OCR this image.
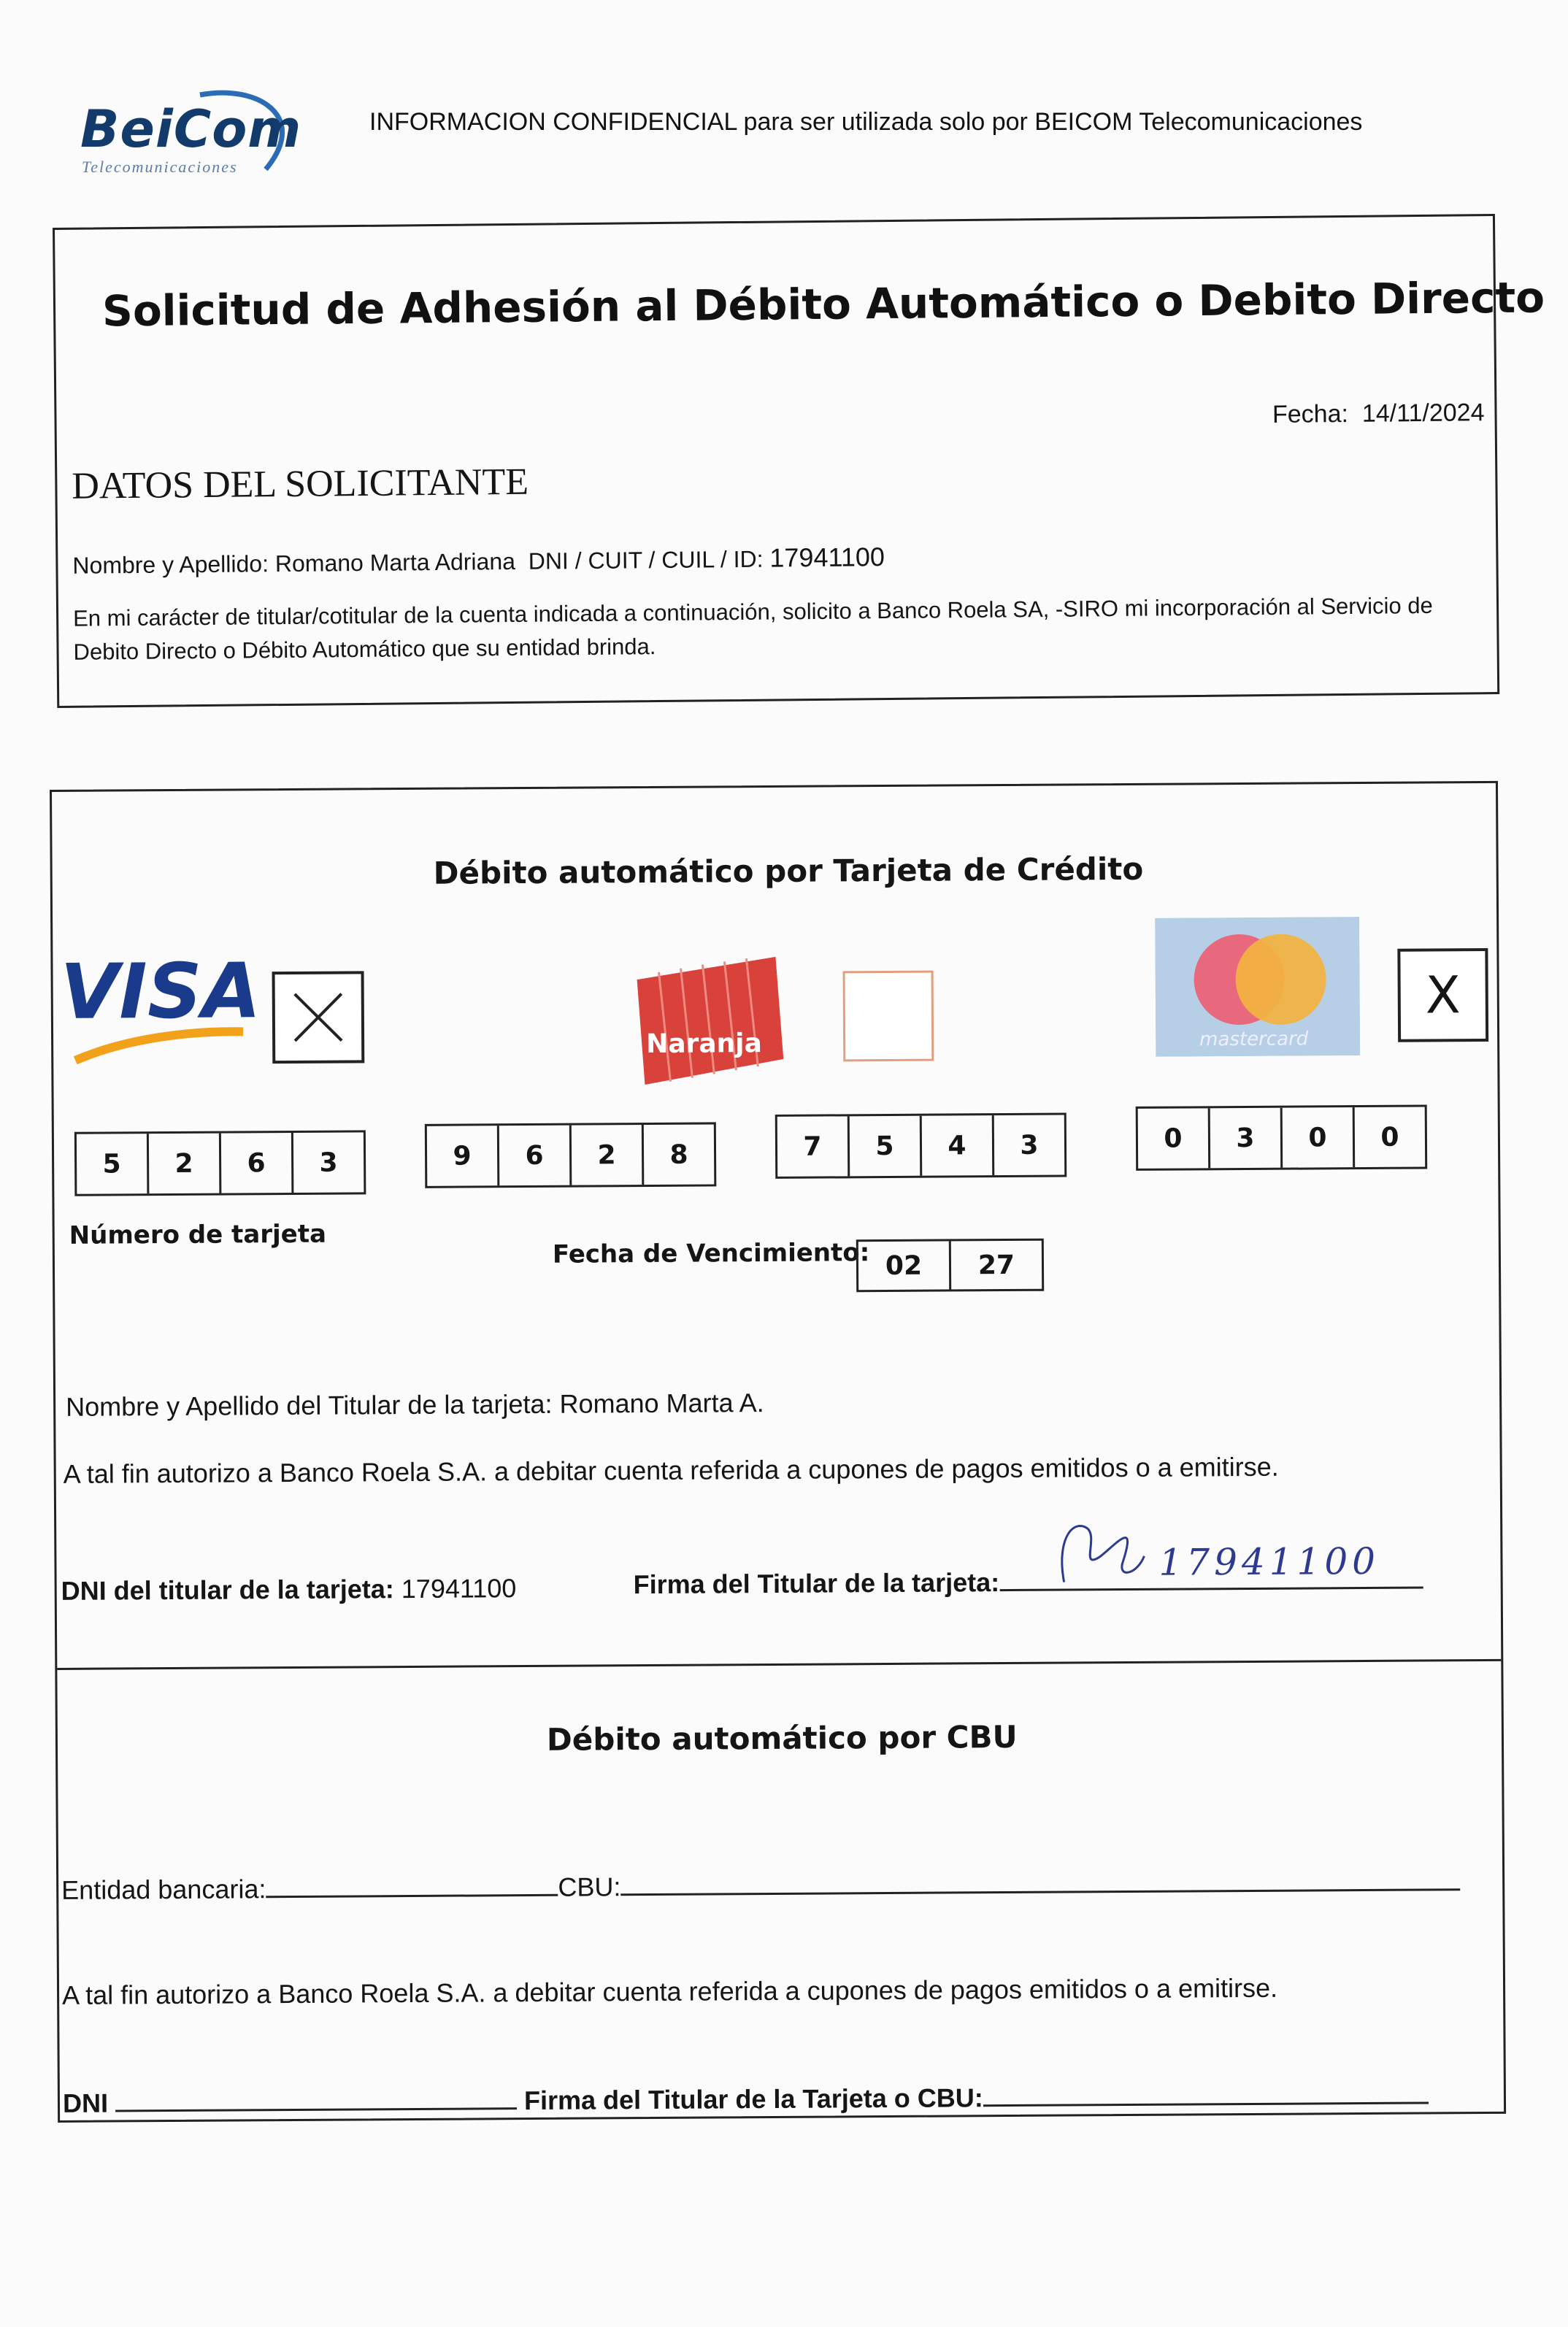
BeiCom
Telecomunicaciones
INFORMACION CONFIDENCIAL para ser utilizada solo por BEICOM Telecomunicaciones
Solicitud de Adhesión al Débito Automático o Debito Directo
Fecha: 14/11/2024
DATOS DEL SOLICITANTE
Nombre y Apellido: Romano Marta Adriana DNI / CUIT / CUIL / ID: 17941100
En mi carácter de titular/cotitular de la cuenta indicada a continuación, solicito a Banco Roela SA, -SIRO mi incorporación al Servicio de Debito Directo o Débito Automático que su entidad brinda.
Débito automático por Tarjeta de Crédito
VISA
Naranja	mastercard
X
5	2	6	3	9	6	2	8	7	5	4	3	0	3	0	0
Número de tarjeta
Fecha de Vencimiento: 02	27
Nombre y Apellido del Titular de la tarjeta: Romano Marta A.
A tal fin autorizo a Banco Roela S.A. a debitar cuenta referida a cupones de pagos emitidos o a emitirse.
DNI del titular de la tarjeta: 17941100	Firma del Titular de la tarjeta:	17941100
Débito automático por CBU
Entidad bancaria:	CBU:
A tal fin autorizo a Banco Roela S.A. a debitar cuenta referida a cupones de pagos emitidos o a emitirse.
DNI	Firma del Titular de la Tarjeta o CBU:
